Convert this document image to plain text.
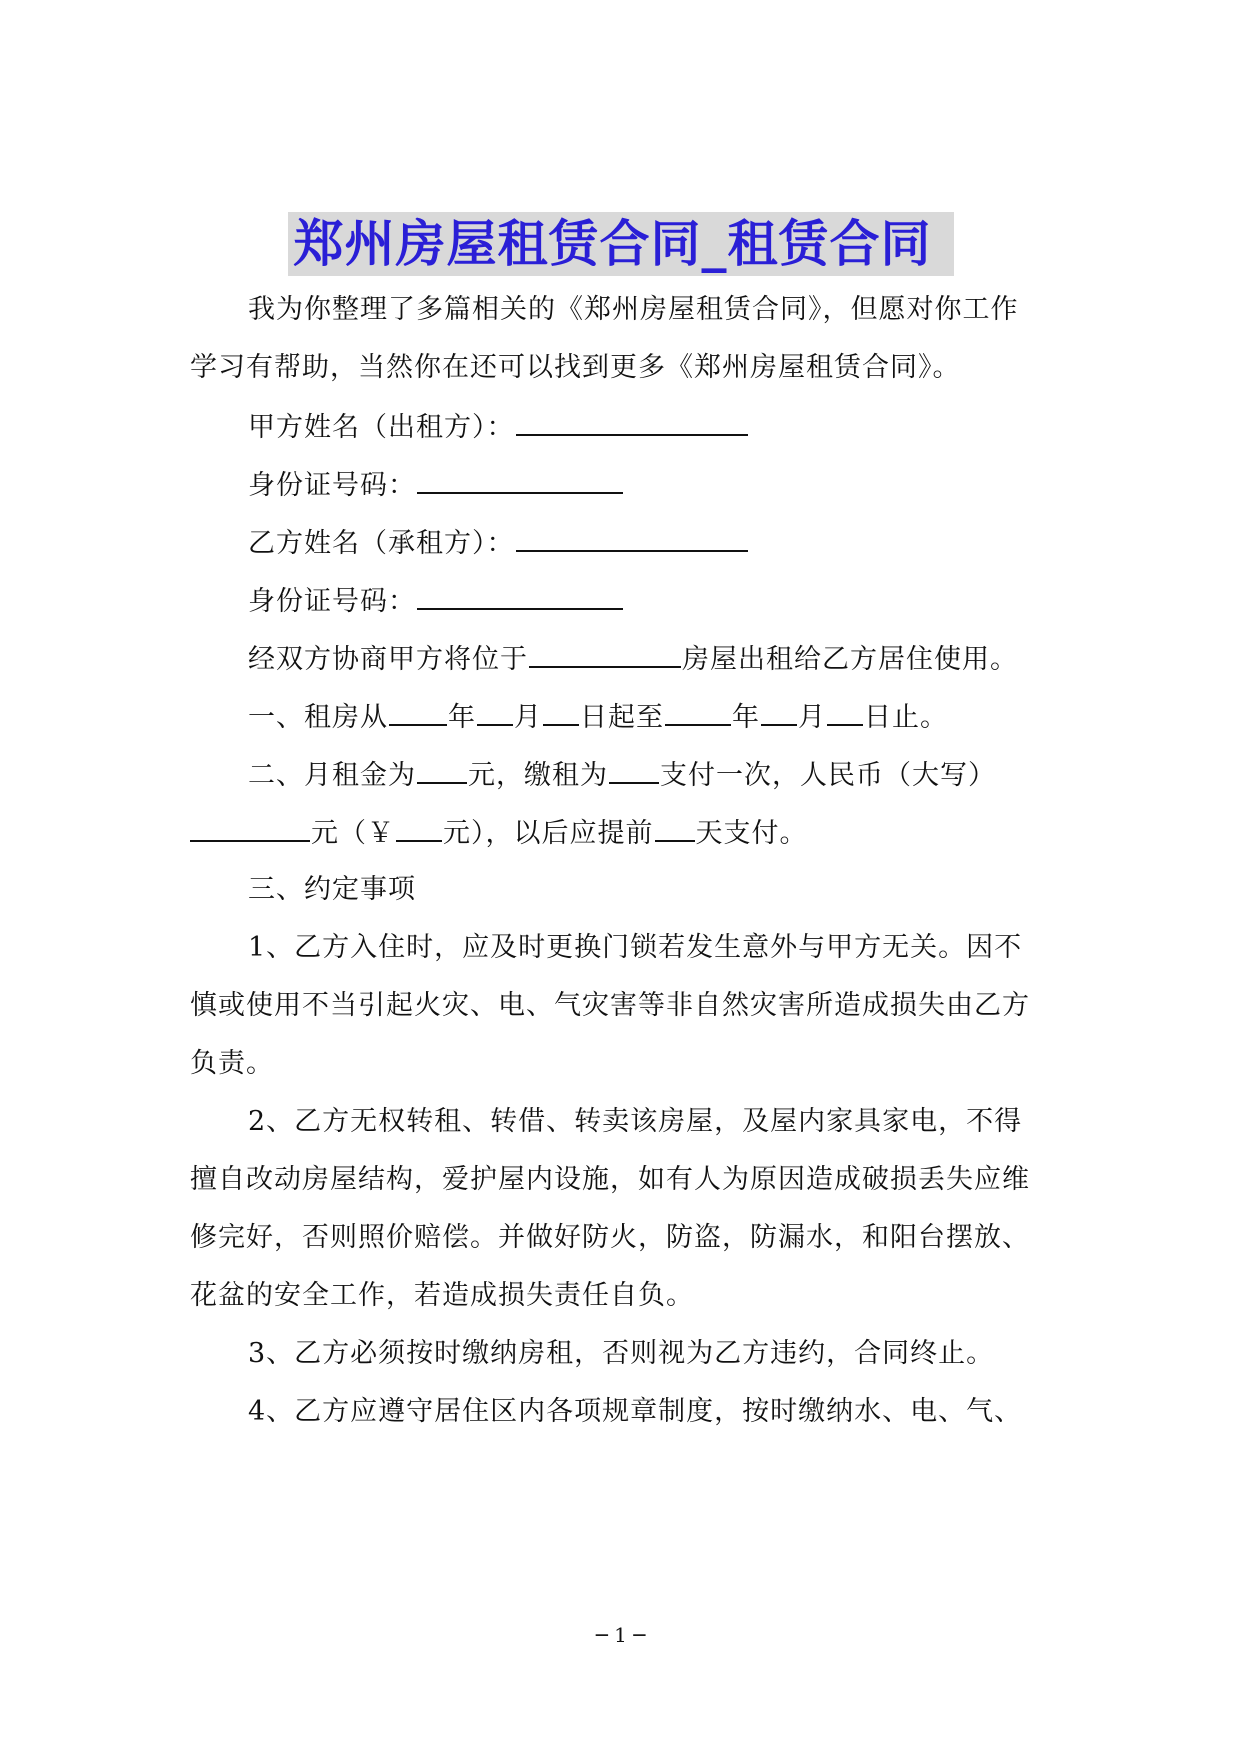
郑州房屋租赁合同_租赁合同
我为你整理了多篇相关的《郑州房屋租赁合同》，但愿对你工作
学习有帮助，当然你在还可以找到更多《郑州房屋租赁合同》。
甲方姓名（出租方）：
身份证号码：
乙方姓名（承租方）：
身份证号码：
经双方协商甲方将位于	房屋出租给乙方居住使用。
一、租房从 年 月 日起至	年 月 日止。
二、月租金为 元，缴租为 支付一次，人民币（大写）
元（￥ 元），以后应提前 天支付。
三、约定事项
1、乙方入住时，应及时更换门锁若发生意外与甲方无关。因不
慎或使用不当引起火灾、电、气灾害等非自然灾害所造成损失由乙方
负责。
2、乙方无权转租、转借、转卖该房屋，及屋内家具家电，不得
擅自改动房屋结构，爱护屋内设施，如有人为原因造成破损丢失应维
修完好，否则照价赔偿。并做好防火，防盗，防漏水，和阳台摆放、
花盆的安全工作，若造成损失责任自负。
3、乙方必须按时缴纳房租，否则视为乙方违约，合同终止。
4、乙方应遵守居住区内各项规章制度，按时缴纳水、电、气、
─ 1 ─
